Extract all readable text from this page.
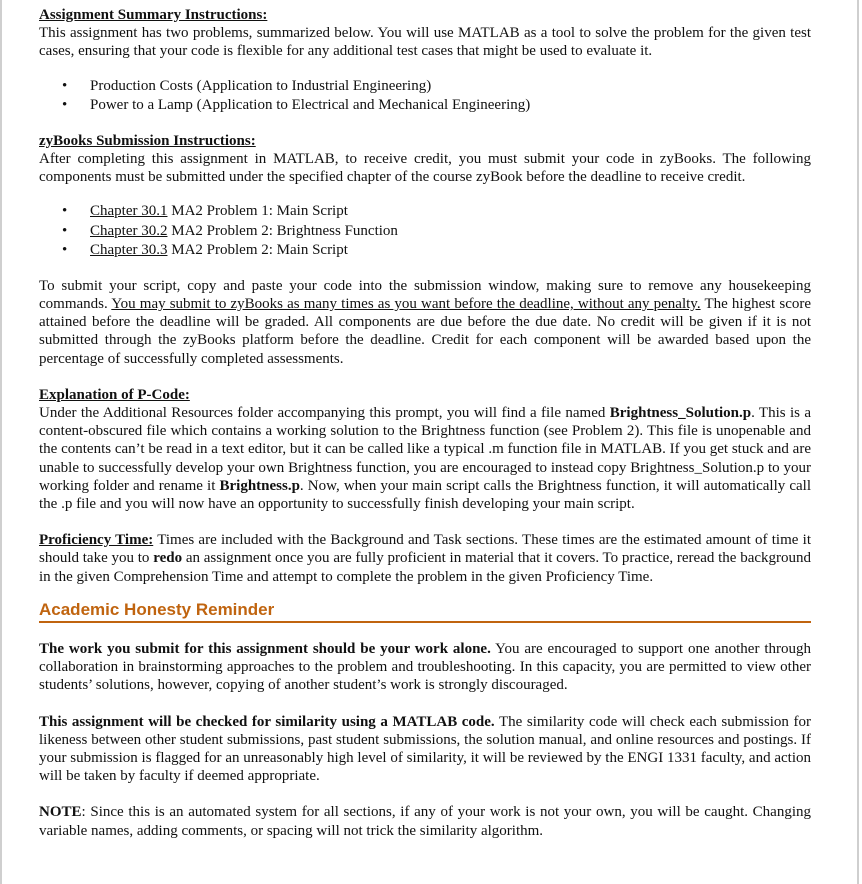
Assignment Summary Instructions:

This assignment has two problems, summarized below. You will use MATLAB as a tool to solve the problem for the given test cases, ensuring that your code is flexible for any additional test cases that might be used to evaluate it.

• Production Costs (Application to Industrial Engineering)
• Power to a Lamp (Application to Electrical and Mechanical Engineering)

zyBooks Submission Instructions:

After completing this assignment in MATLAB, to receive credit, you must submit your code in zyBooks. The following components must be submitted under the specified chapter of the course zyBook before the deadline to receive credit.

• Chapter 30.1 MA2 Problem 1: Main Script
• Chapter 30.2 MA2 Problem 2: Brightness Function
• Chapter 30.3 MA2 Problem 2: Main Script

To submit your script, copy and paste your code into the submission window, making sure to remove any housekeeping commands. You may submit to zyBooks as many times as you want before the deadline, without any penalty. The highest score attained before the deadline will be graded. All components are due before the due date. No credit will be given if it is not submitted through the zyBooks platform before the deadline. Credit for each component will be awarded based upon the percentage of successfully completed assessments.

Explanation of P-Code:

Under the Additional Resources folder accompanying this prompt, you will find a file named Brightness_Solution.p. This is a content-obscured file which contains a working solution to the Brightness function (see Problem 2). This file is unopenable and the contents can’t be read in a text editor, but it can be called like a typical .m function file in MATLAB. If you get stuck and are unable to successfully develop your own Brightness function, you are encouraged to instead copy Brightness_Solution.p to your working folder and rename it Brightness.p. Now, when your main script calls the Brightness function, it will automatically call the .p file and you will now have an opportunity to successfully finish developing your main script.

Proficiency Time: Times are included with the Background and Task sections. These times are the estimated amount of time it should take you to redo an assignment once you are fully proficient in material that it covers. To practice, reread the background in the given Comprehension Time and attempt to complete the problem in the given Proficiency Time.

Academic Honesty Reminder

The work you submit for this assignment should be your work alone. You are encouraged to support one another through collaboration in brainstorming approaches to the problem and troubleshooting. In this capacity, you are permitted to view other students’ solutions, however, copying of another student’s work is strongly discouraged.

This assignment will be checked for similarity using a MATLAB code. The similarity code will check each submission for likeness between other student submissions, past student submissions, the solution manual, and online resources and postings. If your submission is flagged for an unreasonably high level of similarity, it will be reviewed by the ENGI 1331 faculty, and action will be taken by faculty if deemed appropriate.

NOTE: Since this is an automated system for all sections, if any of your work is not your own, you will be caught. Changing variable names, adding comments, or spacing will not trick the similarity algorithm.
